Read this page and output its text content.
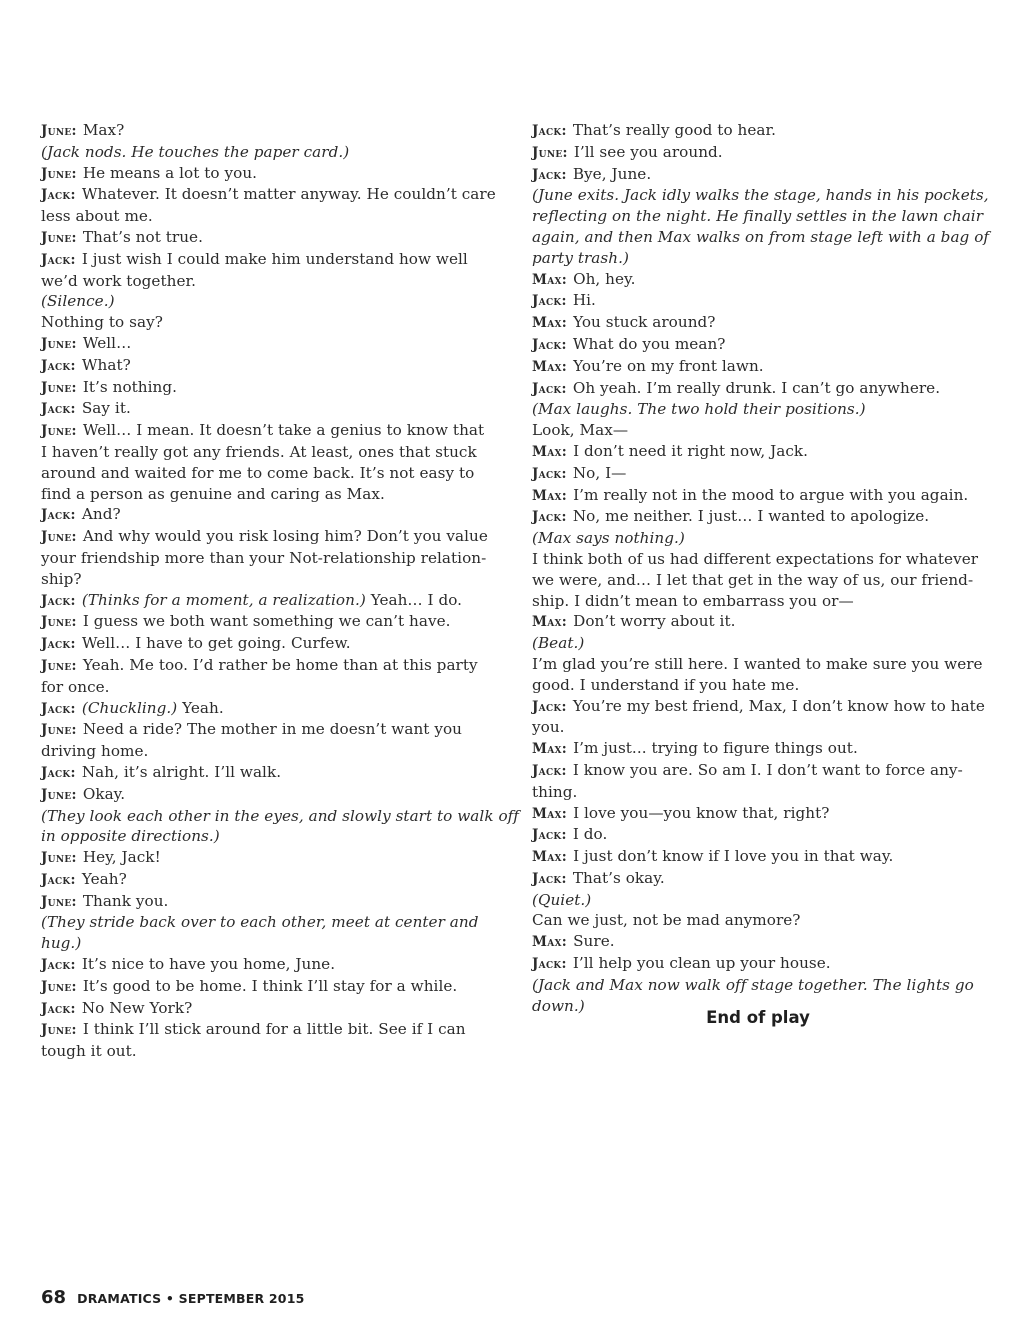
June: Max?
(Jack nods. He touches the paper card.)
June: He means a lot to you.
Jack: Whatever. It doesn’t matter anyway. He couldn’t care
less about me.
June: That’s not true.
Jack: I just wish I could make him understand how well
we’d work together.
(Silence.)
Nothing to say?
June: Well…
Jack: What?
June: It’s nothing.
Jack: Say it.
June: Well… I mean. It doesn’t take a genius to know that
I haven’t really got any friends. At least, ones that stuck
around and waited for me to come back. It’s not easy to
find a person as genuine and caring as Max.
Jack: And?
June: And why would you risk losing him? Don’t you value
your friendship more than your Not-relationship relation-
ship?
Jack: (Thinks for a moment, a realization.) Yeah… I do.
June: I guess we both want something we can’t have.
Jack: Well… I have to get going. Curfew.
June: Yeah. Me too. I’d rather be home than at this party
for once.
Jack: (Chuckling.) Yeah.
June: Need a ride? The mother in me doesn’t want you
driving home.
Jack: Nah, it’s alright. I’ll walk.
June: Okay.
(They look each other in the eyes, and slowly start to walk off
in opposite directions.)
June: Hey, Jack!
Jack: Yeah?
June: Thank you.
(They stride back over to each other, meet at center and
hug.)
Jack: It’s nice to have you home, June.
June: It’s good to be home. I think I’ll stay for a while.
Jack: No New York?
June: I think I’ll stick around for a little bit. See if I can
tough it out.
Jack: That’s really good to hear.
June: I’ll see you around.
Jack: Bye, June.
(June exits. Jack idly walks the stage, hands in his pockets,
reflecting on the night. He finally settles in the lawn chair
again, and then Max walks on from stage left with a bag of
party trash.)
Max: Oh, hey.
Jack: Hi.
Max: You stuck around?
Jack: What do you mean?
Max: You’re on my front lawn.
Jack: Oh yeah. I’m really drunk. I can’t go anywhere.
(Max laughs. The two hold their positions.)
Look, Max—
Max: I don’t need it right now, Jack.
Jack: No, I—
Max: I’m really not in the mood to argue with you again.
Jack: No, me neither. I just… I wanted to apologize.
(Max says nothing.)
I think both of us had different expectations for whatever
we were, and… I let that get in the way of us, our friend-
ship. I didn’t mean to embarrass you or—
Max: Don’t worry about it.
(Beat.)
I’m glad you’re still here. I wanted to make sure you were
good. I understand if you hate me.
Jack: You’re my best friend, Max, I don’t know how to hate
you.
Max: I’m just... trying to figure things out.
Jack: I know you are. So am I. I don’t want to force any-
thing.
Max: I love you—you know that, right?
Jack: I do.
Max: I just don’t know if I love you in that way.
Jack: That’s okay.
(Quiet.)
Can we just, not be mad anymore?
Max: Sure.
Jack: I’ll help you clean up your house.
(Jack and Max now walk off stage together. The lights go
down.)
End of play
68 DRAMATICS • SEPTEMBER 2015
